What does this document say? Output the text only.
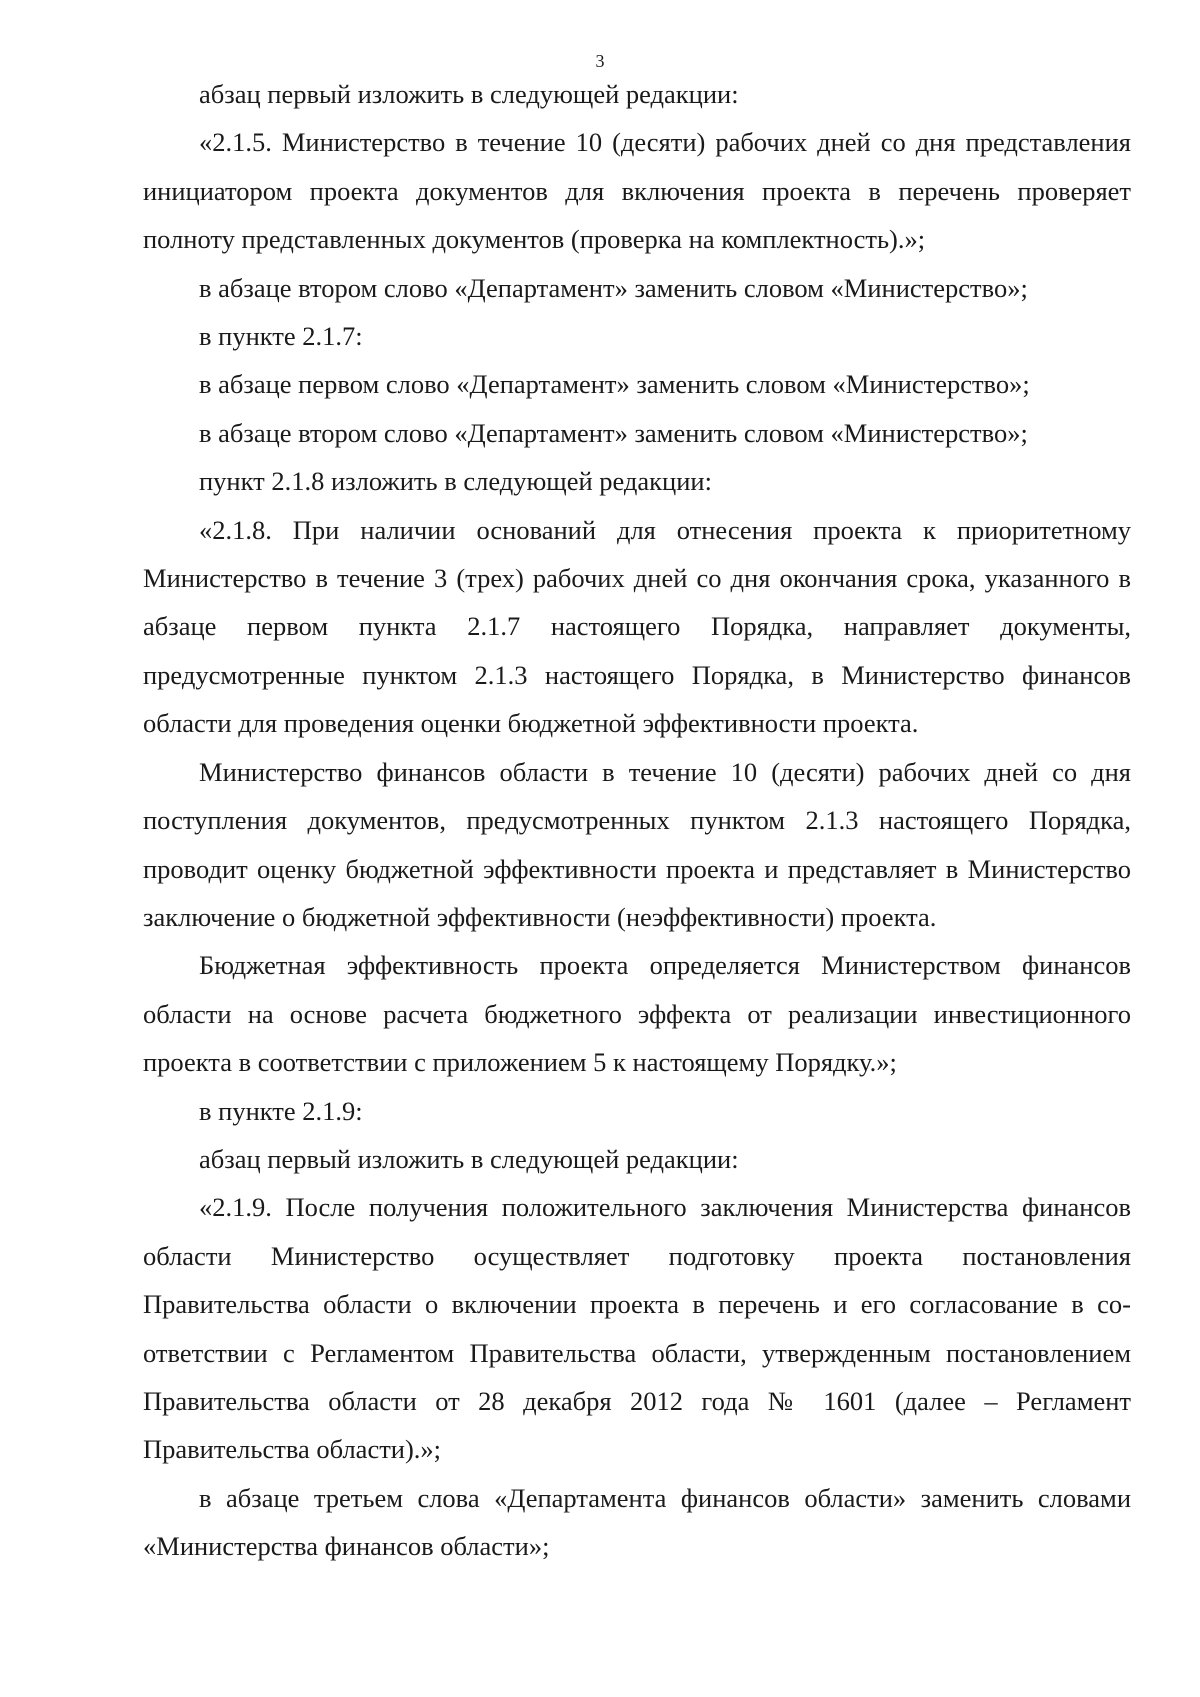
3

абзац первый изложить в следующей редакции:

«2.1.5. Министерство в течение 10 (десяти) рабочих дней со дня представления инициатором проекта документов для включения проекта в перечень проверяет полноту представленных документов (проверка на комплектность).»;

в абзаце втором слово «Департамент» заменить словом «Министерство»;

в пункте 2.1.7:

в абзаце первом слово «Департамент» заменить словом «Министерство»;

в абзаце втором слово «Департамент» заменить словом «Министерство»;

пункт 2.1.8 изложить в следующей редакции:

«2.1.8. При наличии оснований для отнесения проекта к приоритетному Министерство в течение 3 (трех) рабочих дней со дня окончания срока, указанного в абзаце первом пункта 2.1.7 настоящего Порядка, направляет документы, предусмотренные пунктом 2.1.3 настоящего Порядка, в Министерство финансов области для проведения оценки бюджетной эффективности проекта.

Министерство финансов области в течение 10 (десяти) рабочих дней со дня поступления документов, предусмотренных пунктом 2.1.3 настоящего Порядка, проводит оценку бюджетной эффективности проекта и представляет в Министерство заключение о бюджетной эффективности (неэффективности) проекта.

Бюджетная эффективность проекта определяется Министерством финансов области на основе расчета бюджетного эффекта от реализации инвестиционного проекта в соответствии с приложением 5 к настоящему Порядку.»;

в пункте 2.1.9:

абзац первый изложить в следующей редакции:

«2.1.9. После получения положительного заключения Министерства финансов области Министерство осуществляет подготовку проекта постановления Правительства области о включении проекта в перечень и его согласование в соответствии с Регламентом Правительства области, утвержденным постановлением Правительства области от 28 декабря 2012 года № 1601 (далее – Регламент Правительства области).»;

в абзаце третьем слова «Департамента финансов области» заменить словами «Министерства финансов области»;
